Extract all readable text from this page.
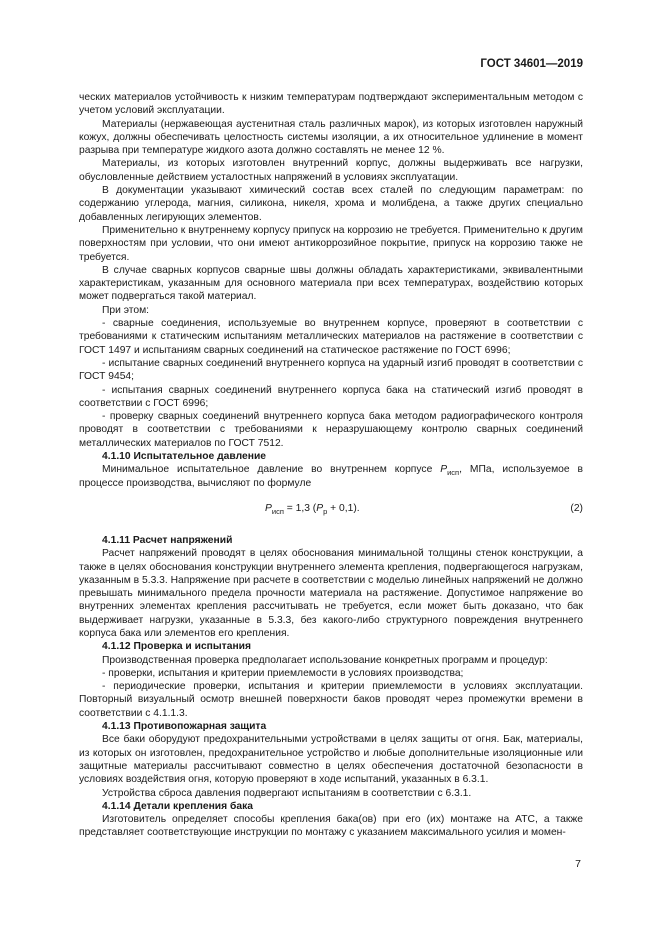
ГОСТ 34601—2019

ческих материалов устойчивость к низким температурам подтверждают экспериментальным методом с учетом условий эксплуатации.

Материалы (нержавеющая аустенитная сталь различных марок), из которых изготовлен наружный кожух, должны обеспечивать целостность системы изоляции, а их относительное удлинение в момент разрыва при температуре жидкого азота должно составлять не менее 12 %.

Материалы, из которых изготовлен внутренний корпус, должны выдерживать все нагрузки, обусловленные действием усталостных напряжений в условиях эксплуатации.

В документации указывают химический состав всех сталей по следующим параметрам: по содержанию углерода, магния, силикона, никеля, хрома и молибдена, а также других специально добавленных легирующих элементов.

Применительно к внутреннему корпусу припуск на коррозию не требуется. Применительно к другим поверхностям при условии, что они имеют антикоррозийное покрытие, припуск на коррозию также не требуется.

В случае сварных корпусов сварные швы должны обладать характеристиками, эквивалентными характеристикам, указанным для основного материала при всех температурах, воздействию которых может подвергаться такой материал.

При этом:

- сварные соединения, используемые во внутреннем корпусе, проверяют в соответствии с требованиями к статическим испытаниям металлических материалов на растяжение в соответствии с ГОСТ 1497 и испытаниям сварных соединений на статическое растяжение по ГОСТ 6996;

- испытание сварных соединений внутреннего корпуса на ударный изгиб проводят в соответствии с ГОСТ 9454;

- испытания сварных соединений внутреннего корпуса бака на статический изгиб проводят в соответствии с ГОСТ 6996;

- проверку сварных соединений внутреннего корпуса бака методом радиографического контроля проводят в соответствии с требованиями к неразрушающему контролю сварных соединений металлических материалов по ГОСТ 7512.

4.1.10 Испытательное давление

Минимальное испытательное давление во внутреннем корпусе $P_{исп}$, МПа, используемое в процессе производства, вычисляют по формуле

$P_{исп} = 1,3$ $(P_р + 0,1)$.	(2)

4.1.11 Расчет напряжений

Расчет напряжений проводят в целях обоснования минимальной толщины стенок конструкции, а также в целях обоснования конструкции внутреннего элемента крепления, подвергающегося нагрузкам, указанным в 5.3.3. Напряжение при расчете в соответствии с моделью линейных напряжений не должно превышать минимального предела прочности материала на растяжение. Допустимое напряжение во внутренних элементах крепления рассчитывать не требуется, если может быть доказано, что бак выдерживает нагрузки, указанные в 5.3.3, без какого-либо структурного повреждения внутреннего корпуса бака или элементов его крепления.

4.1.12 Проверка и испытания

Производственная проверка предполагает использование конкретных программ и процедур:

- проверки, испытания и критерии приемлемости в условиях производства;

- периодические проверки, испытания и критерии приемлемости в условиях эксплуатации. Повторный визуальный осмотр внешней поверхности баков проводят через промежутки времени в соответствии с 4.1.1.3.

4.1.13 Противопожарная защита

Все баки оборудуют предохранительными устройствами в целях защиты от огня. Бак, материалы, из которых он изготовлен, предохранительное устройство и любые дополнительные изоляционные или защитные материалы рассчитывают совместно в целях обеспечения достаточной безопасности в условиях воздействия огня, которую проверяют в ходе испытаний, указанных в 6.3.1.

Устройства сброса давления подвергают испытаниям в соответствии с 6.3.1.

4.1.14 Детали крепления бака

Изготовитель определяет способы крепления бака(ов) при его (их) монтаже на АТС, а также представляет соответствующие инструкции по монтажу с указанием максимального усилия и момен-

7
